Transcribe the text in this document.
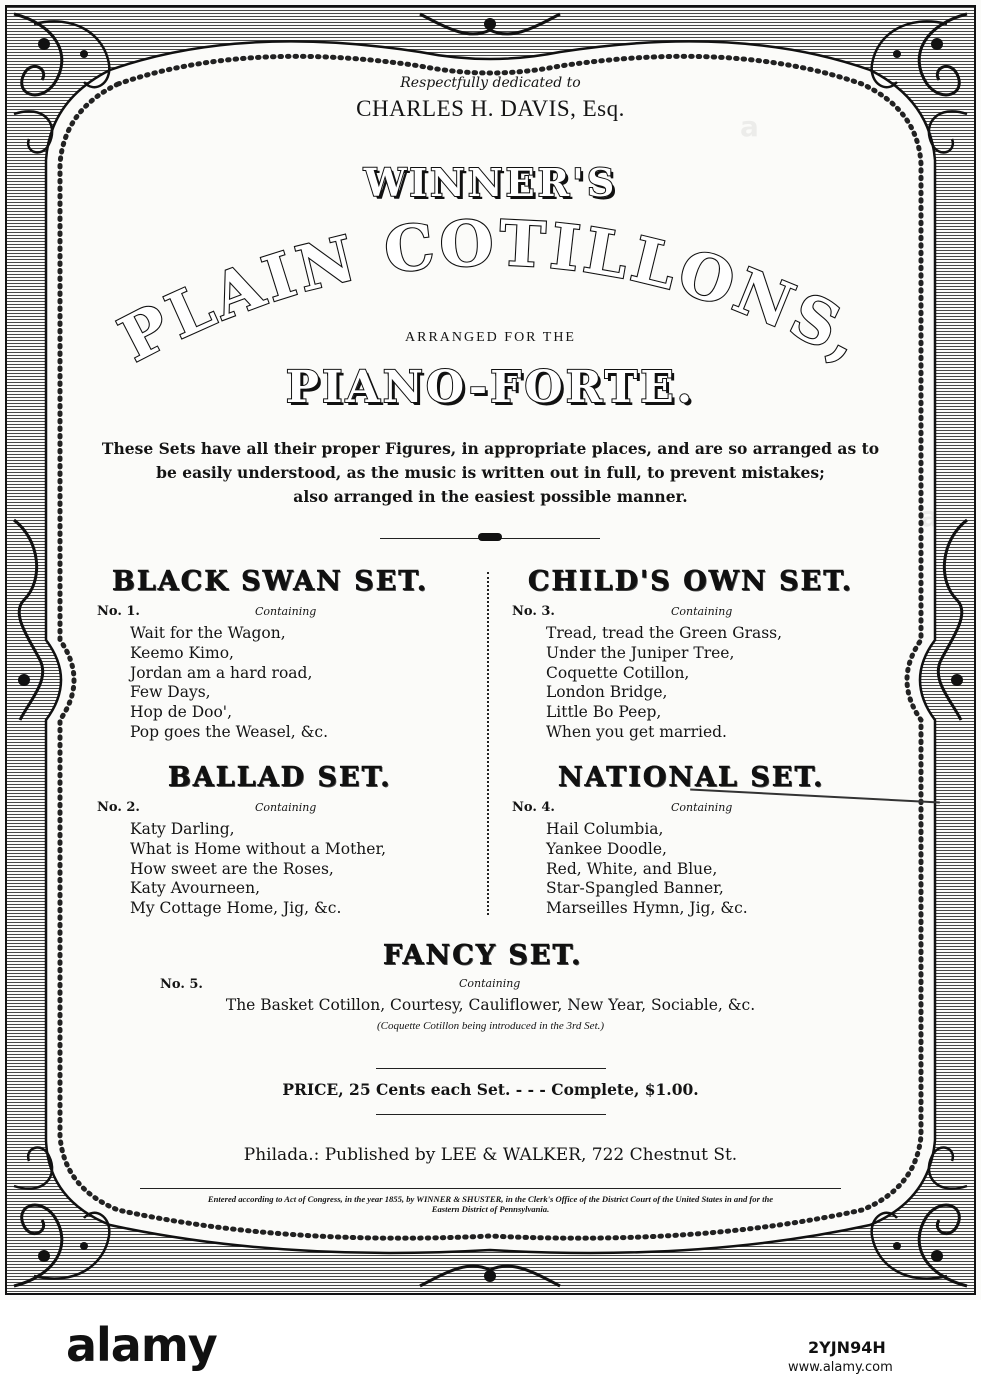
PLAIN COTILLONS,
Respectfully dedicated to
CHARLES H. DAVIS, Esq.
WINNER'S
ARRANGED FOR THE
PIANO-FORTE.
These Sets have all their proper Figures, in appropriate places, and are so arranged as to
be easily understood, as the music is written out in full, to prevent mistakes;
also arranged in the easiest possible manner.
BLACK SWAN SET.
No. 1.	Containing
Wait for the Wagon,
Keemo Kimo,
Jordan am a hard road,
Few Days,
Hop de Doo',
Pop goes the Weasel, &c.
CHILD'S OWN SET.
No. 3.	Containing
Tread, tread the Green Grass,
Under the Juniper Tree,
Coquette Cotillon,
London Bridge,
Little Bo Peep,
When you get married.
BALLAD SET.
No. 2.	Containing
Katy Darling,
What is Home without a Mother,
How sweet are the Roses,
Katy Avourneen,
My Cottage Home, Jig, &c.
NATIONAL SET.
No. 4.	Containing
Hail Columbia,
Yankee Doodle,
Red, White, and Blue,
Star-Spangled Banner,
Marseilles Hymn, Jig, &c.
FANCY SET.
No. 5.	Containing
The Basket Cotillon, Courtesy, Cauliflower, New Year, Sociable, &c.
(Coquette Cotillon being introduced in the 3rd Set.)
PRICE, 25 Cents each Set. - - - Complete, $1.00.
Philada.: Published by LEE & WALKER, 722 Chestnut St.
Entered according to Act of Congress, in the year 1855, by WINNER & SHUSTER, in the Clerk's Office of the District Court of the United States in and for the
Eastern District of Pennsylvania.
a
a
alamy	2YJN94H
www.alamy.com
